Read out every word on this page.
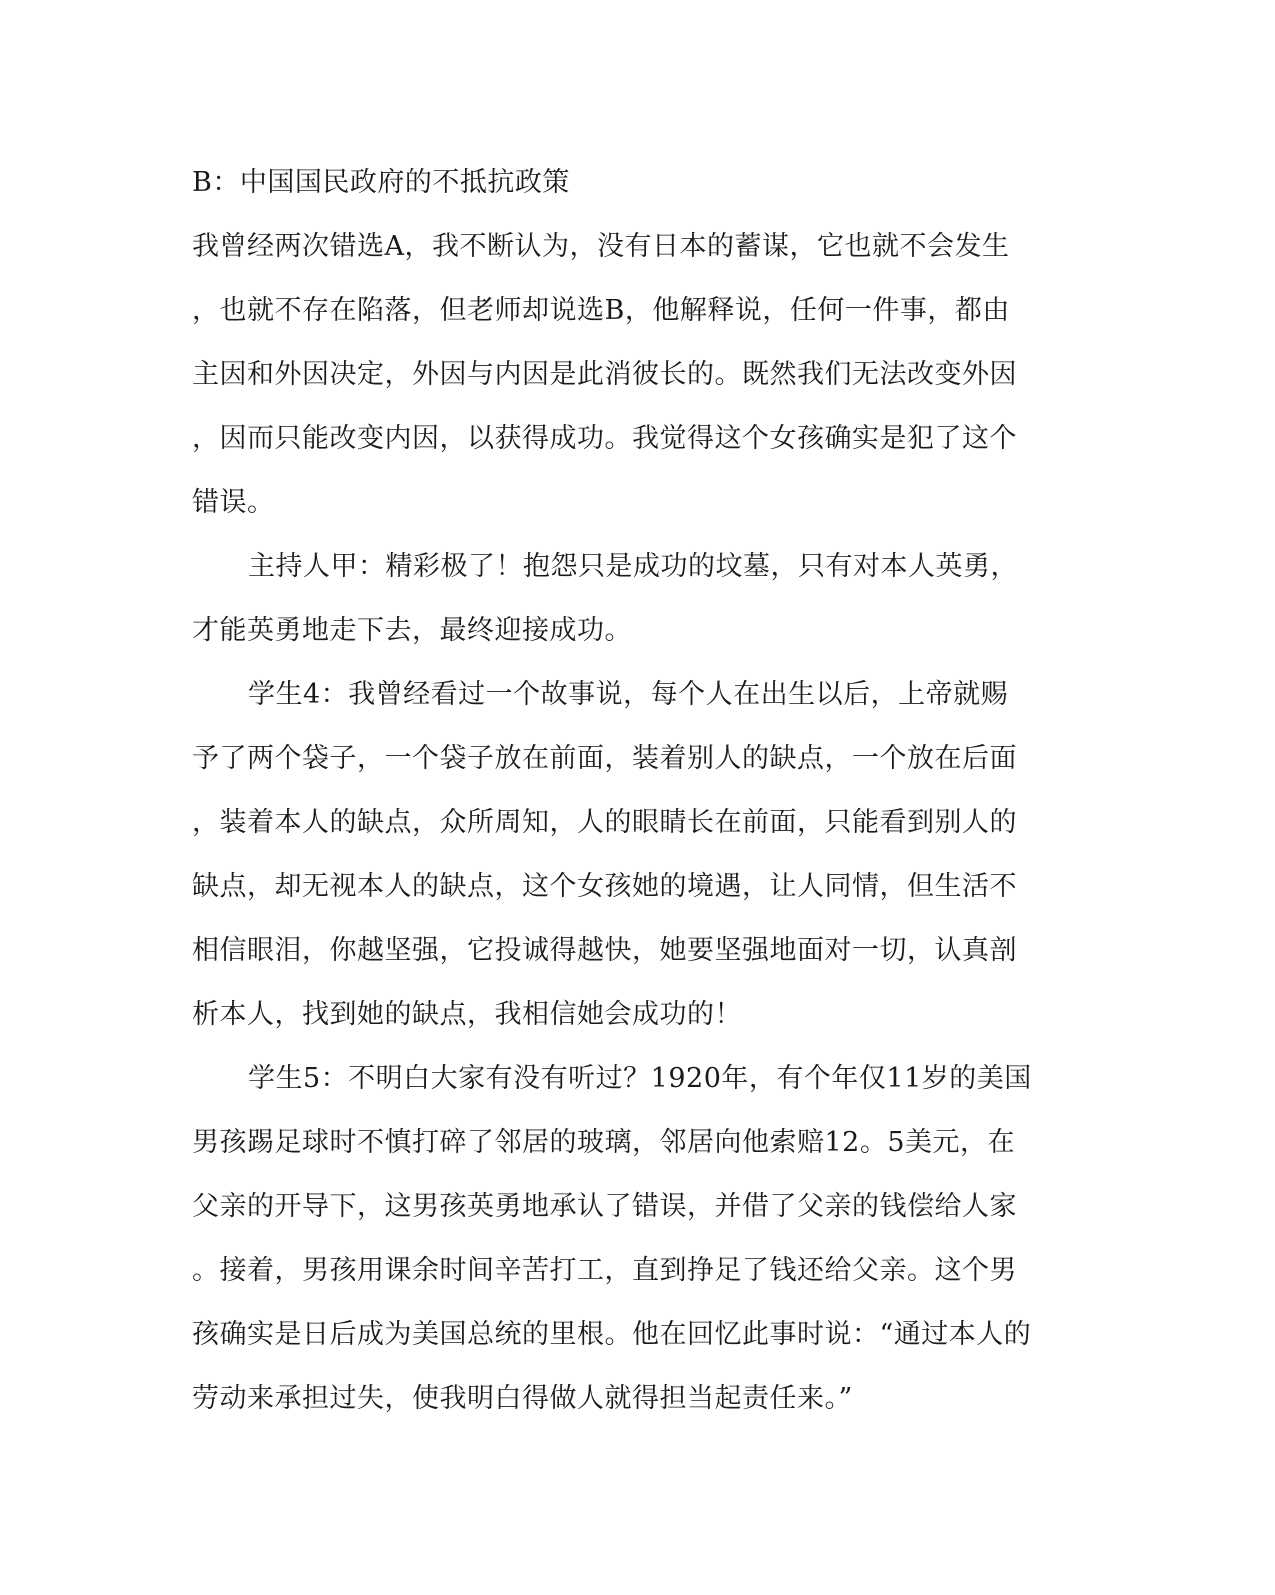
B：中国国民政府的不抵抗政策
我曾经两次错选A，我不断认为，没有日本的蓄谋，它也就不会发生
，也就不存在陷落，但老师却说选B，他解释说，任何一件事，都由
主因和外因决定，外因与内因是此消彼长的。既然我们无法改变外因
，因而只能改变内因，以获得成功。我觉得这个女孩确实是犯了这个
错误。
主持人甲：精彩极了！抱怨只是成功的坟墓，只有对本人英勇，
才能英勇地走下去，最终迎接成功。
学生4：我曾经看过一个故事说，每个人在出生以后，上帝就赐
予了两个袋子，一个袋子放在前面，装着别人的缺点，一个放在后面
，装着本人的缺点，众所周知，人的眼睛长在前面，只能看到别人的
缺点，却无视本人的缺点，这个女孩她的境遇，让人同情，但生活不
相信眼泪，你越坚强，它投诚得越快，她要坚强地面对一切，认真剖
析本人，找到她的缺点，我相信她会成功的！
学生5：不明白大家有没有听过？1920年，有个年仅11岁的美国
男孩踢足球时不慎打碎了邻居的玻璃，邻居向他索赔12。5美元，在
父亲的开导下，这男孩英勇地承认了错误，并借了父亲的钱偿给人家
。接着，男孩用课余时间辛苦打工，直到挣足了钱还给父亲。这个男
孩确实是日后成为美国总统的里根。他在回忆此事时说：“通过本人的
劳动来承担过失，使我明白得做人就得担当起责任来。”
